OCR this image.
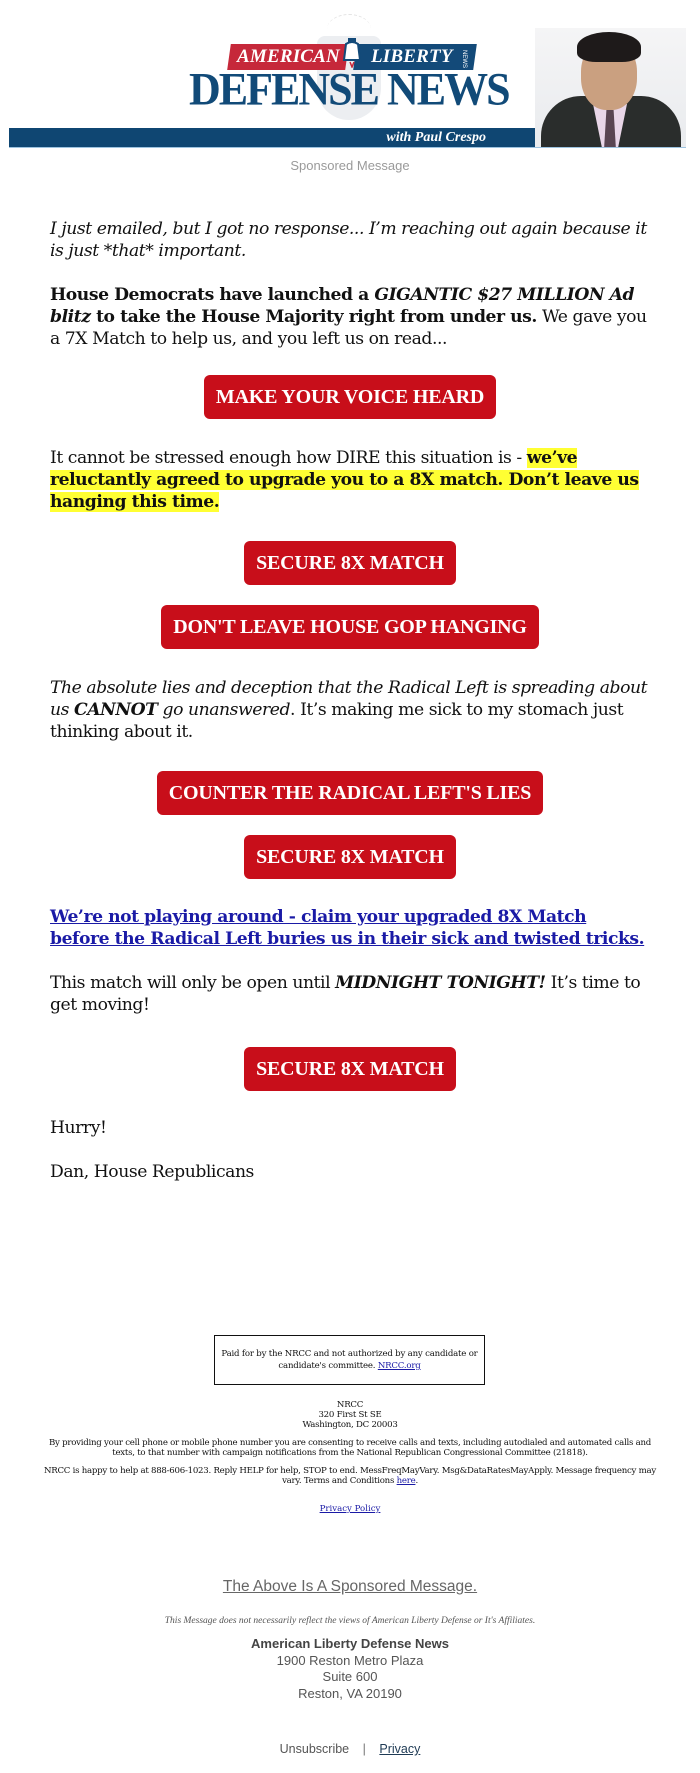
AMERICAN LIBERTY NEWS
DEFENSE NEWS
with Paul Crespo
Sponsored Message

I just emailed, but I got no response... I’m reaching out again because it is just *that* important.

House Democrats have launched a GIGANTIC $27 MILLION Ad blitz to take the House Majority right from under us. We gave you a 7X Match to help us, and you left us on read...

MAKE YOUR VOICE HEARD

It cannot be stressed enough how DIRE this situation is - we’ve reluctantly agreed to upgrade you to a 8X match. Don’t leave us hanging this time.

SECURE 8X MATCH
DON'T LEAVE HOUSE GOP HANGING

The absolute lies and deception that the Radical Left is spreading about us CANNOT go unanswered. It’s making me sick to my stomach just thinking about it.

COUNTER THE RADICAL LEFT'S LIES
SECURE 8X MATCH
We’re not playing around - claim your upgraded 8X Match before the Radical Left buries us in their sick and twisted tricks.

This match will only be open until MIDNIGHT TONIGHT! It’s time to get moving!

SECURE 8X MATCH

Hurry!

Dan, House Republicans

Paid for by the NRCC and not authorized by any candidate or candidate's committee. NRCC.org

NRCC
320 First St SE
Washington, DC 20003

By providing your cell phone or mobile phone number you are consenting to receive calls and texts, including autodialed and automated calls and texts, to that number with campaign notifications from the National Republican Congressional Committee (21818).

NRCC is happy to help at 888-606-1023. Reply HELP for help, STOP to end. MessFreqMayVary. Msg&DataRatesMayApply. Message frequency may vary. Terms and Conditions here.

Privacy Policy
The Above Is A Sponsored Message.
This Message does not necessarily reflect the views of American Liberty Defense or It's Affiliates.
American Liberty Defense News
1900 Reston Metro Plaza
Suite 600
Reston, VA 20190
Unsubscribe | Privacy
